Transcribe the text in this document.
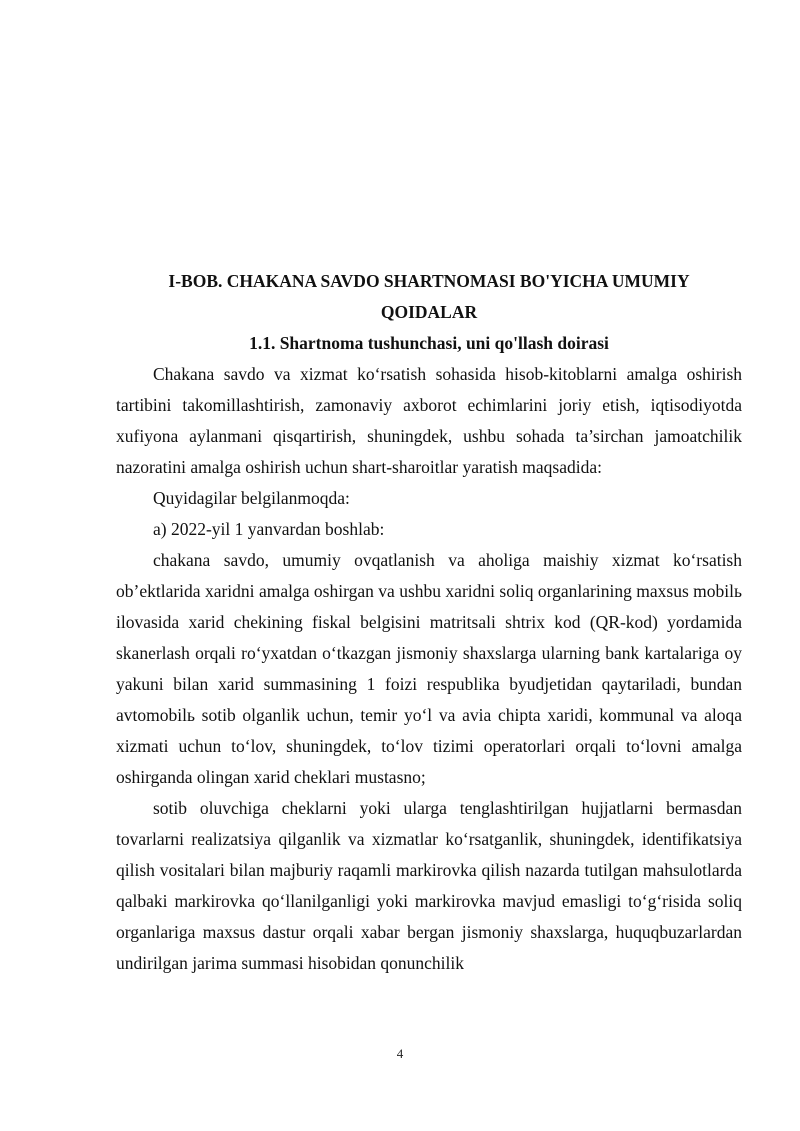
I-BOB. CHAKANA SAVDO SHARTNOMASI BO'YICHA UMUMIY

QOIDALAR

1.1. Shartnoma tushunchasi, uni qo'llash doirasi

Chakana savdo va xizmat ko‘rsatish sohasida hisob-kitoblarni amalga oshirish tartibini takomillashtirish, zamonaviy axborot echimlarini joriy etish, iqtisodiyotda xufiyona aylanmani qisqartirish, shuningdek, ushbu sohada ta’sirchan jamoatchilik nazoratini amalga oshirish uchun shart-sharoitlar yaratish maqsadida:

Quyidagilar belgilanmoqda:

a) 2022-yil 1 yanvardan boshlab:

chakana savdo, umumiy ovqatlanish va aholiga maishiy xizmat ko‘rsatish ob’ektlarida xaridni amalga oshirgan va ushbu xaridni soliq organlarining maxsus mobilь ilovasida xarid chekining fiskal belgisini matritsali shtrix kod (QR-kod) yordamida skanerlash orqali ro‘yxatdan o‘tkazgan jismoniy shaxslarga ularning bank kartalariga oy yakuni bilan xarid summasining 1 foizi respublika byudjetidan qaytariladi, bundan avtomobilь sotib olganlik uchun, temir yo‘l va avia chipta xaridi, kommunal va aloqa xizmati uchun to‘lov, shuningdek, to‘lov tizimi operatorlari orqali to‘lovni amalga oshirganda olingan xarid cheklari mustasno;

sotib oluvchiga cheklarni yoki ularga tenglashtirilgan hujjatlarni bermasdan tovarlarni realizatsiya qilganlik va xizmatlar ko‘rsatganlik, shuningdek, identifikatsiya qilish vositalari bilan majburiy raqamli markirovka qilish nazarda tutilgan mahsulotlarda qalbaki markirovka qo‘llanilganligi yoki markirovka mavjud emasligi to‘g‘risida soliq organlariga maxsus dastur orqali xabar bergan jismoniy shaxslarga, huquqbuzarlardan undirilgan jarima summasi hisobidan qonunchilik

4
